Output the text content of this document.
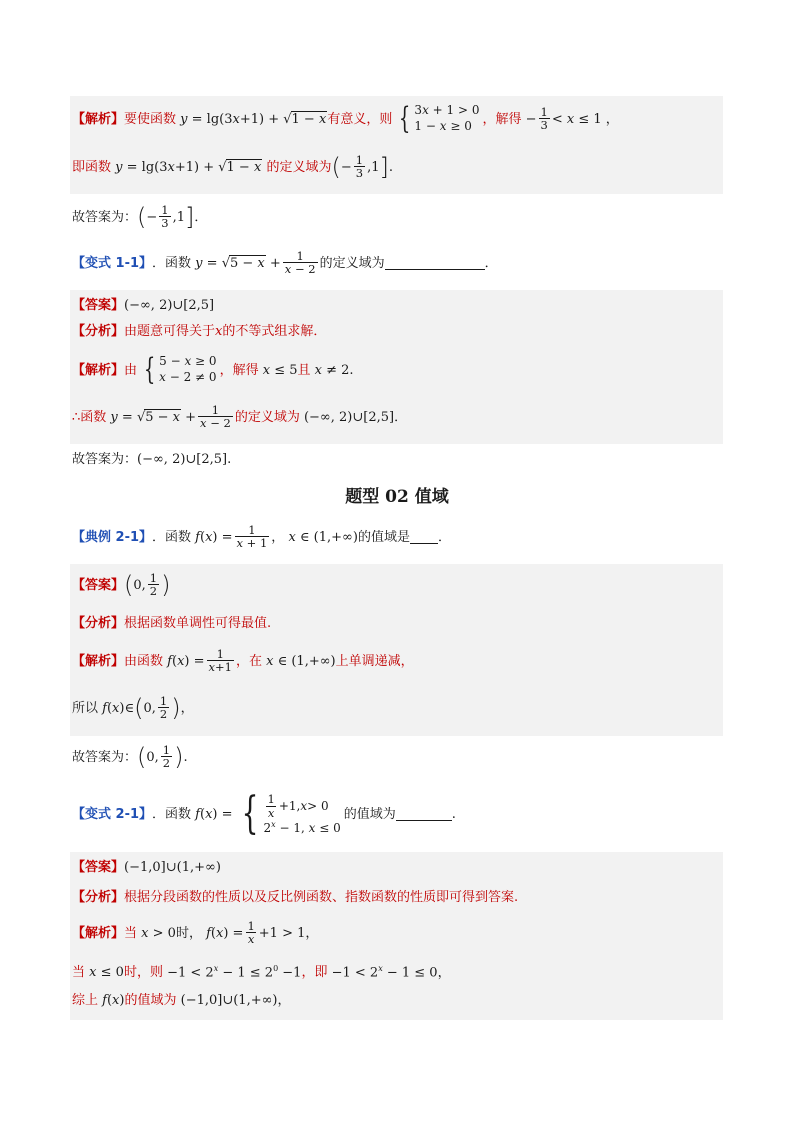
【解析】 要使函数 y = lg(3x+1) + √1 − x 有意义，则 { 3x + 1 > 0
1 − x ≥ 0 ，解得 − $\frac{1}{3} < x \le 1$ ，
即函数 y = lg(3x+1) + √1 − x 的定义域为 ( − $\frac{1}{3} ,1$ ] .
故答案为： ( − $\frac{1}{3} ,1$ ] ．
【变式 1-1】 ．函数 $y = √5 - x + \frac{1}{x - 2}$ 的定义域为	．
【答案】 (−∞, 2)∪[2,5]
【分析】 由题意可得关于 x 的不等式组求解．
【解析】 由 { 5 − x ≥ 0
x − 2 ≠ 0 ，解得 x ≤ 5 且 x ≠ 2.
∴函数 $y = √5 - x + \frac{1}{x - 2}$ 的定义域为 (−∞, 2)∪[2,5]．
故答案为： (−∞, 2)∪[2,5].
题型 02 值域
【典例 2-1】 ．函数 $f(x) = \frac{1}{x + 1}$ ， x ∈ (1,+∞) 的值域是 ．
【答案】 ( 0, $\frac{1}{2}$ )
【分析】 根据函数单调性可得最值.
【解析】 由函数 $f(x) = \frac{1}{x+1}$ ，在 x ∈ (1,+∞) 上单调递减，
所以 f(x)∈ ( 0, $\frac{1}{2}$ ) ，
故答案为： ( 0, $\frac{1}{2}$ ) .
【变式 2-1】 ．函数 f(x) = { $\frac{1}{x} +1$, x > 0
$2^x - 1$, x ≤ 0
的值域为	.
【答案】 (−1,0]∪(1,+∞)
【分析】 根据分段函数的性质以及反比例函数、指数函数的性质即可得到答案.
【解析】 当 x > 0 时， $f(x) = \frac{1}{x} +1 > 1$，
当 x ≤ 0 时，则 $-1 < 2^x - 1 \le 2^0 -1$ ，即 $-1 < 2^x - 1 \le 0$，
综上 f(x) 的值域为 (−1,0]∪(1,+∞)，
